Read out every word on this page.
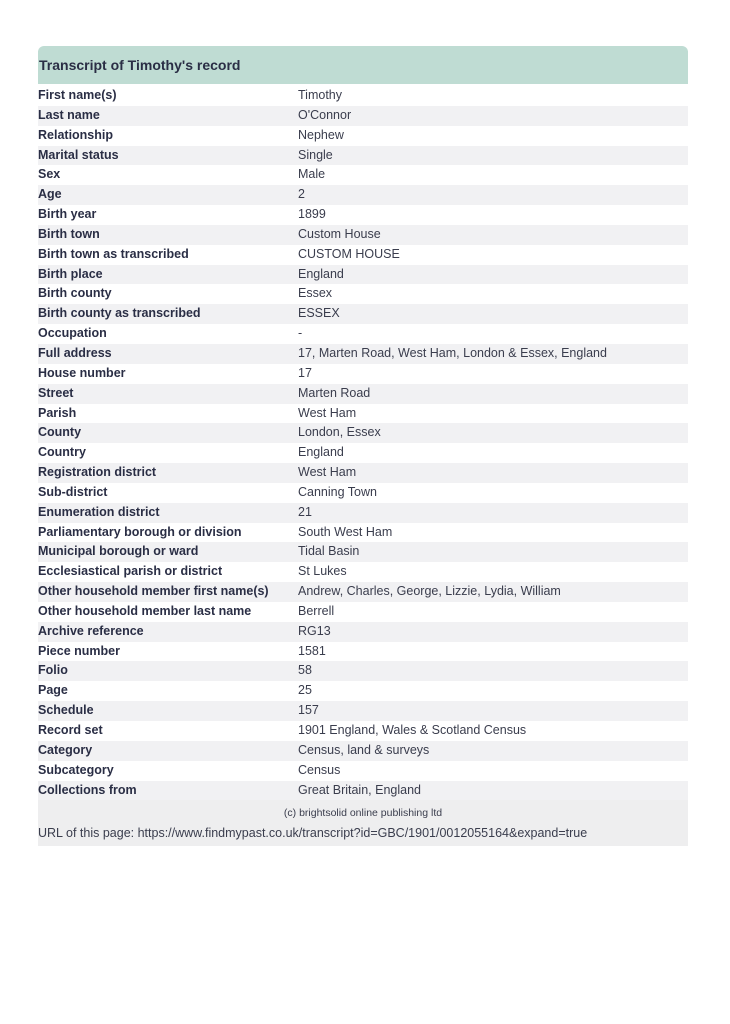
Transcript of Timothy's record
First name(s)	Timothy
Last name	O'Connor
Relationship	Nephew
Marital status	Single
Sex	Male
Age	2
Birth year	1899
Birth town	Custom House
Birth town as transcribed	CUSTOM HOUSE
Birth place	England
Birth county	Essex
Birth county as transcribed	ESSEX
Occupation	-
Full address	17, Marten Road, West Ham, London & Essex, England
House number	17
Street	Marten Road
Parish	West Ham
County	London, Essex
Country	England
Registration district	West Ham
Sub-district	Canning Town
Enumeration district	21
Parliamentary borough or division	South West Ham
Municipal borough or ward	Tidal Basin
Ecclesiastical parish or district	St Lukes
Other household member first name(s)	Andrew, Charles, George, Lizzie, Lydia, William
Other household member last name	Berrell
Archive reference	RG13
Piece number	1581
Folio	58
Page	25
Schedule	157
Record set	1901 England, Wales & Scotland Census
Category	Census, land & surveys
Subcategory	Census
Collections from	Great Britain, England
(c) brightsolid online publishing ltd
URL of this page: https://www.findmypast.co.uk/transcript?id=GBC/1901/0012055164&expand=true
